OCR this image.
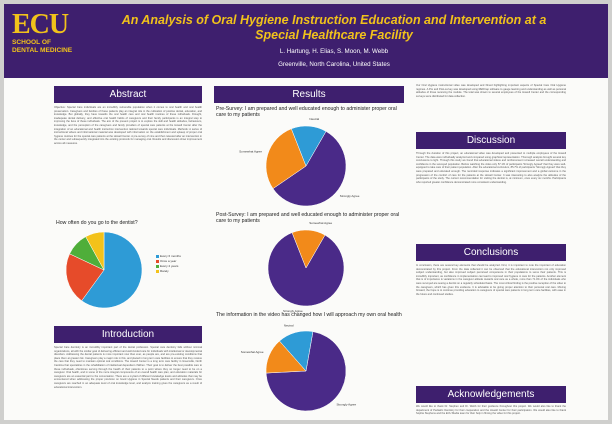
ECU
SCHOOL OF
DENTAL MEDICINE
An Analysis of Oral Hygiene Instruction Education and Intervention at a Special Healthcare Facility
L. Hartung, H. Elias, S. Moon, M. Webb
Greenville, North Carolina, United States
Abstract
Objective: Special Care individuals are an incredibly vulnerable population when it comes to oral health and oral health preservation. Caregivers and families of these patients play an integral role in the cultivation of positive dental, education, and knowledge. But globally, they have towards the oral health care and oral health routines of these individuals. Drought, inadequate dental delivery, and effective oral health habits of caregivers and their family participants is an integral step to improving the lives of these individuals. The aim of the present project is to explore the skill and health attitudes, behaviours, knowledge, and the perception of the caregivers and family providers of special care patients at the Howell Center after the integration of an educational and health instruction intervention tailored towards special care individuals. Methods: A series of instructional videos and informational material was developed with information on the establishment and upkeep of proper oral hygiene routines for the special care patients at the Howell Center. A pre-survey of nine and then retested after an intervention in the center and subsequently integrated into the existing protocols for managing oral. Results and discussion show improvement across all measures.
How often do you go to the dentist?
Every 6 months
Once a year
Every 2 years
Rarely
Introduction
Special Care dentistry is an incredibly important part of the dental profession. Special care dentistry falls without minimal organizations, all with the similar goal of delivering efficient and well-funded care for individuals with intellectual or developmental disorders. Addressing the dental patients is more important now than ever, as people are, and are pre-existing conditions that place them at greater risk. Caregivers play a major role in this, and placed in long term care facilities to ensure that they receive the care that they need to maintain optimal oral conditions. The Howell Center is a long term care facility in Greenville, North Carolina that specializes in the rehabilitation of intellectual dependent children. Their goal is to deliver the best possible care to these individuals, oftentimes serving through the health of their patients to a point where they no longer need to be on a caregiver. Oral health, and in some of the more integral components of an overall health care plan, and education materials for caregivers are an essential part to the conversation. There are a myriad of different knowledge levels and attitudes that may be encountered when addressing the proper provision on Good Hygiene in Special Needs patients and their caregivers. Once caregivers are reached in an adequate level of oral knowledge level, and analyze training gives the caregivers as a result of educational intervention.
Results
Pre-Survey: I am prepared and well educated enough to administer proper oral care to my patients
Strongly Agree
Somewhat Agree
Neutral
Post-Survey: I am prepared and well educated enough to administer proper oral care to my patients
Strongly Agree
Somewhat Agree
The information in the video has changed how I will approach my own oral health
Strongly Agree
Somewhat Agree
Neutral
Our Oral Hygiene instructional video was developed and filmed highlighting important aspects of Special Care Oral Hygiene regimes. A Pre and Post-survey was developed using REDCap software to gauge learning and understanding as well as personal attitudes of those receiving the module. The total was shown to several employees of the Howell Center and the corresponding surveys were distributed for data collection.
Discussion
Through the duration of this project, an educational video was developed and presented to multiple employees of the Howell Center. The data were individually analyzed and compared using graphical representation. Thorough analysis brought several key conclusions to light. Through this study we found that educational videos and reinforcement increased overall understanding and confidence in the surveyed population. Before watching the video only 57.1% of participants 'Strongly Agreed' that they were well-equipped to take care of their patient population. After the educational curriculum, 85.7% of participants 'Strongly Agreed' that they were prepared and educated enough. The recorded response indicates a significant improvement and a global outcome in the progression of the comfort of care for the patients at the Howell Center. It was interesting to also analyze the attitudes of the participants of the study. The current recommendation for visiting the dentist is, at minimum, once every six months. Participants who reported greater confidence demonstrated more consistent understanding.
Conclusions
In conclusion, there are several key elements that should be analyzed. First, it is important to note the important of education demonstrated by this project. From the data collected it can be observed that the educational intervention not only improved subject understanding, but also improved subject perceived competence in their populations to serve their patients. This is incredibly important, as confidence in implementation can lead to improved oral hygiene in care for the patients. Another element that is of importance is variations in the caregiver attitude towards oral care as a whole, more than 71.4% of the individuals who were surveyed are seeing a dentist on a regularly scheduled basis. The most critical finding is the positive reception of the video to the caregivers, which has given this evidence. It is advisable to be giving proper attention to their personal oral care. Moving forward, the hope is to continue providing education to caregivers of special care patients in long term care facilities, with ease in the future and continued studies.
Acknowledgements
We would like to thank Dr. Stephen and Dr. Webb for their guidance throughout this project. We would also like to thank the department of Pediatric Dentistry for their cooperation and the Howell Center for their participation. We would also like to thank Sophie Stephens and the ECU Media team for their help in filming the video for this project.
